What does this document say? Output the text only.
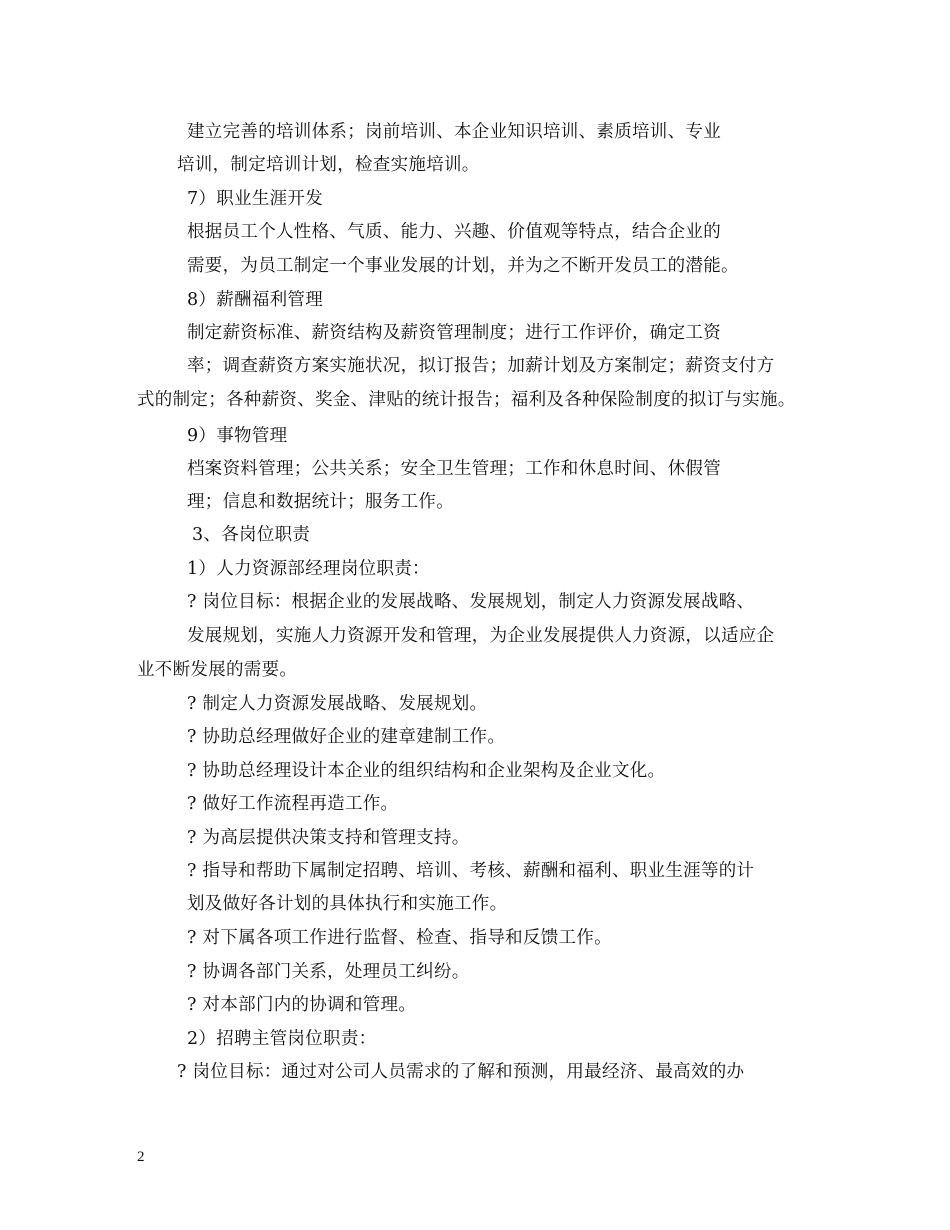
建立完善的培训体系；岗前培训、本企业知识培训、素质培训、专业
培训，制定培训计划，检查实施培训。
7）职业生涯开发
根据员工个人性格、气质、能力、兴趣、价值观等特点，结合企业的
需要，为员工制定一个事业发展的计划，并为之不断开发员工的潜能。
8）薪酬福利管理
制定薪资标准、薪资结构及薪资管理制度；进行工作评价，确定工资
率；调查薪资方案实施状况，拟订报告；加薪计划及方案制定；薪资支付方
式的制定；各种薪资、奖金、津贴的统计报告；福利及各种保险制度的拟订与实施。
9）事物管理
档案资料管理；公共关系；安全卫生管理；工作和休息时间、休假管
理；信息和数据统计；服务工作。
3、各岗位职责
1）人力资源部经理岗位职责：
? 岗位目标：根据企业的发展战略、发展规划，制定人力资源发展战略、
发展规划，实施人力资源开发和管理，为企业发展提供人力资源，以适应企
业不断发展的需要。
? 制定人力资源发展战略、发展规划。
? 协助总经理做好企业的建章建制工作。
? 协助总经理设计本企业的组织结构和企业架构及企业文化。
? 做好工作流程再造工作。
? 为高层提供决策支持和管理支持。
? 指导和帮助下属制定招聘、培训、考核、薪酬和福利、职业生涯等的计
划及做好各计划的具体执行和实施工作。
? 对下属各项工作进行监督、检查、指导和反馈工作。
? 协调各部门关系，处理员工纠纷。
? 对本部门内的协调和管理。
2）招聘主管岗位职责：
? 岗位目标：通过对公司人员需求的了解和预测，用最经济、最高效的办
2
